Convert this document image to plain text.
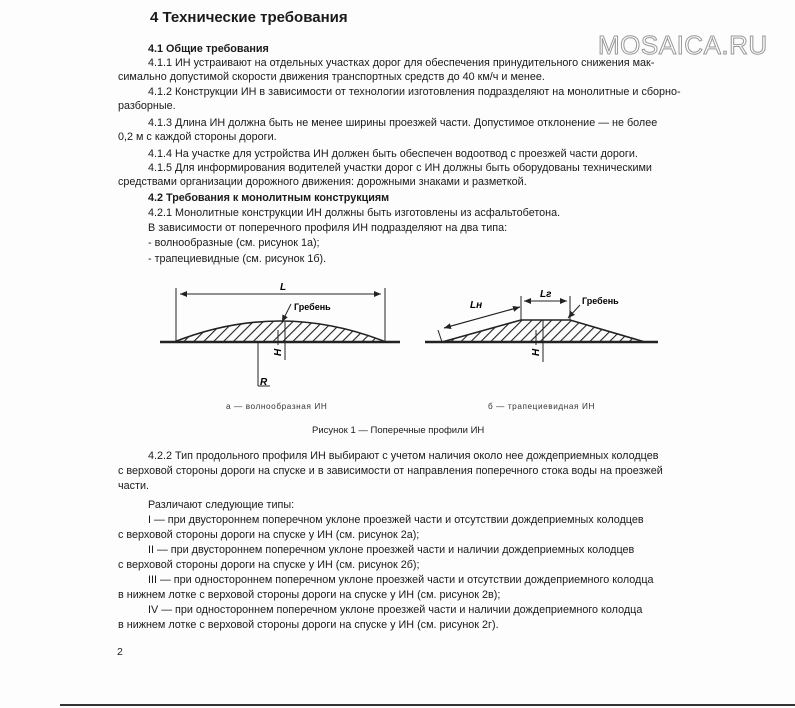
MOSAICA.RU
4 Технические требования
4.1 Общие требования
4.1.1 ИН устраивают на отдельных участках дорог для обеспечения принудительного снижения мак-
симально допустимой скорости движения транспортных средств до 40 км/ч и менее.
4.1.2 Конструкции ИН в зависимости от технологии изготовления подразделяют на монолитные и сборно-
разборные.
4.1.3 Длина ИН должна быть не менее ширины проезжей части. Допустимое отклонение — не более
0,2 м с каждой стороны дороги.
4.1.4 На участке для устройства ИН должен быть обеспечен водоотвод с проезжей части дороги.
4.1.5 Для информирования водителей участки дорог с ИН должны быть оборудованы техническими
средствами организации дорожного движения: дорожными знаками и разметкой.
4.2 Требования к монолитным конструкциям
4.2.1 Монолитные конструкции ИН должны быть изготовлены из асфальтобетона.
В зависимости от поперечного профиля ИН подразделяют на два типа:
- волнообразные (см. рисунок 1а);
- трапециевидные (см. рисунок 1б).
L
Гребень
H
R
Lн
Lг
Гребень
H
а — волнообразная ИН	б — трапециевидная ИН
Рисунок 1 — Поперечные профили ИН
4.2.2 Тип продольного профиля ИН выбирают с учетом наличия около нее дождеприемных колодцев
с верховой стороны дороги на спуске и в зависимости от направления поперечного стока воды на проезжей
части.
Различают следующие типы:
I — при двустороннем поперечном уклоне проезжей части и отсутствии дождеприемных колодцев
с верховой стороны дороги на спуске у ИН (см. рисунок 2а);
II — при двустороннем поперечном уклоне проезжей части и наличии дождеприемных колодцев
с верховой стороны дороги на спуске у ИН (см. рисунок 2б);
III — при одностороннем поперечном уклоне проезжей части и отсутствии дождеприемного колодца
в нижнем лотке с верховой стороны дороги на спуске у ИН (см. рисунок 2в);
IV — при одностороннем поперечном уклоне проезжей части и наличии дождеприемного колодца
в нижнем лотке с верховой стороны дороги на спуске у ИН (см. рисунок 2г).
2
